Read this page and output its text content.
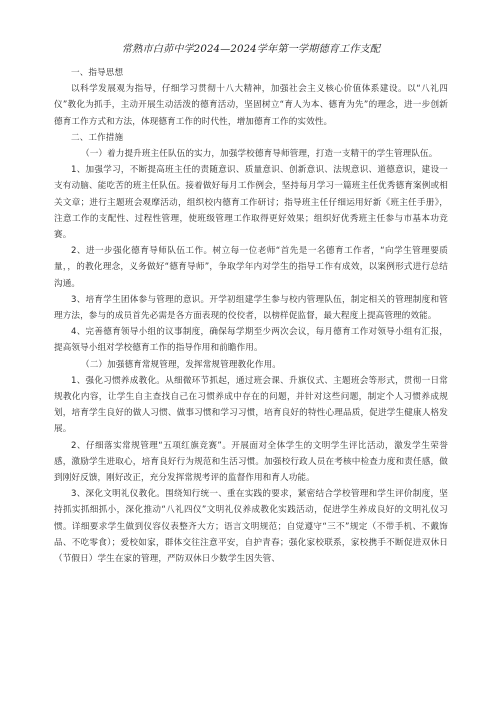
常熟市白茆中学2024—2024学年第一学期德育工作支配
一、指导思想
以科学发展观为指导，仔细学习贯彻十八大精神，加强社会主义核心价值体系建设。以“八礼四仪”教化为抓手，主动开展生动活泼的德育活动，坚固树立“育人为本、德育为先”的理念，进一步创新德育工作方式和方法，体现德育工作的时代性，增加德育工作的实效性。
二、工作措施
（一）着力提升班主任队伍的实力，加强学校德育导师管理，打造一支精干的学生管理队伍。
1、加强学习，不断提高班主任的责随意识、质量意识、创新意识、法规意识、道德意识，建设一支有动脑、能吃苦的班主任队伍。接着做好每月工作例会，坚持每月学习一篇班主任优秀德育案例或相关文章；进行主题班会观摩活动，组织校内德育工作研讨；指导班主任仔细运用好新《班主任手册》，注意工作的支配性、过程性管理，使班级管理工作取得更好效果；组织好优秀班主任参与市基本功竞赛。
2、进一步强化德育导师队伍工作。树立每一位老师“首先是一名德育工作者，“向学生管理要质量，，的教化理念，义务做好“德育导师”，争取学年内对学生的指导工作有成效，以案例形式进行总结沟通。
3、培育学生团体参与管理的意识。开学初组建学生参与校内管理队伍，制定相关的管理制度和管理方法，参与的成员首先必需是各方面表现的佼佼者，以榜样促监督，最大程度上提高管理的效能。
4、完善德育领导小组的议事制度，确保每学期至少两次会议，每月德育工作对领导小组有汇报，提高领导小组对学校德育工作的指导作用和前瞻作用。
（二）加强德育常规管理，发挥常规管理教化作用。
1、强化习惯养成教化。从细微环节抓起，通过班会课、升旗仪式、主题班会等形式，贯彻一日常规教化内容，让学生自主查找自己在习惯养成中存在的问题，并针对这些问题，制定个人习惯养成规划，培育学生良好的做人习惯、做事习惯和学习习惯，培育良好的特性心理品质，促进学生健康人格发展。
2、仔细落实常规管理“五项红旗竞赛”。开展面对全体学生的文明学生评比活动，激发学生荣誉感，激励学生进取心，培育良好行为规范和生活习惯。加强校行政人员在考核中检查力度和责任感，做到刚好反馈，刚好改正，充分发挥常规考评的监督作用和育人功能。
3、深化文明礼仪教化。围绕知行统一、重在实践的要求，紧密结合学校管理和学生评价制度，坚持抓实抓细抓小，深化推动“八礼四仪”文明礼仪养成教化实践活动，促进学生养成良好的文明礼仪习惯。详细要求学生做到仪容仪表整齐大方；语言文明规范；自觉遵守“三不”规定（不带手机、不戴饰品、不吃零食）；爱校如家，群体交往注意平安，自护青春；强化家校联系，家校携手不断促进双休日（节假日）学生在家的管理，严防双休日少数学生因失管、
